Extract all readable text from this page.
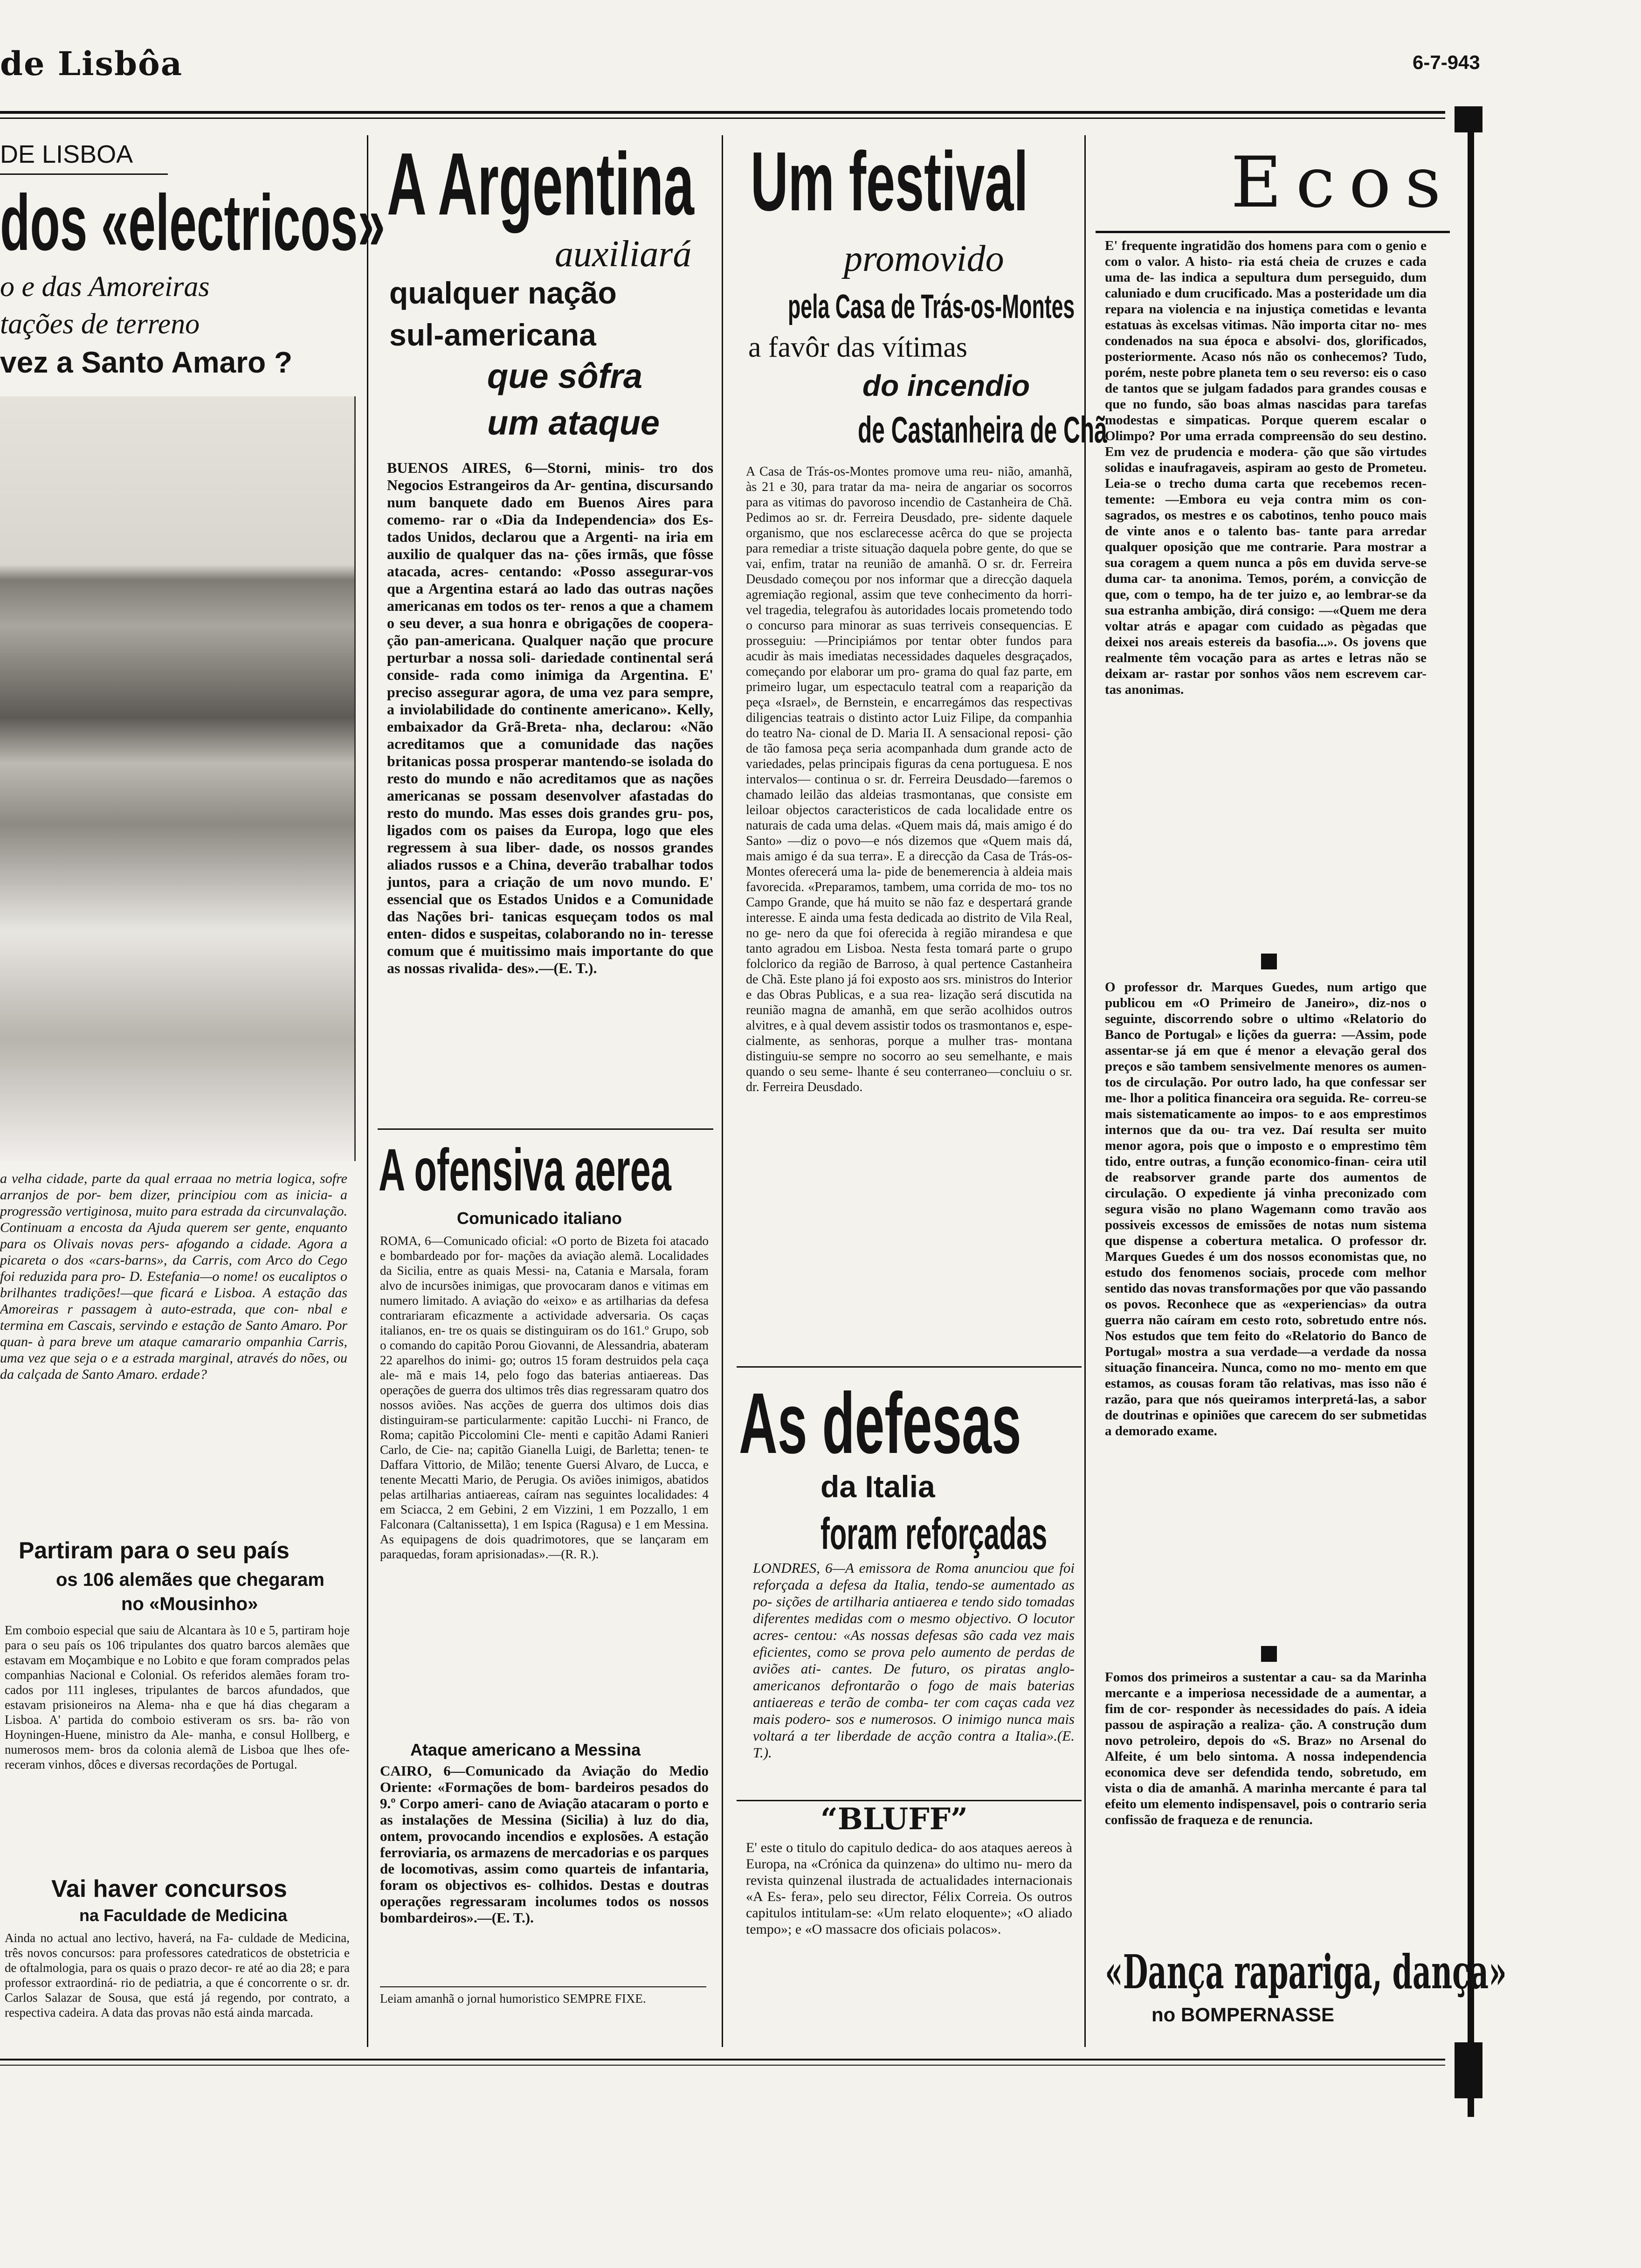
de Lisbôa	6-7-943
DE LISBOA
dos «electricos»
o e das Amoreiras
tações de terreno
vez a Santo Amaro ?
a velha cidade, parte da qual erraaa no metria logica, sofre arranjos de por- bem dizer, principiou com as inicia- a progressão vertiginosa, muito para estrada da circunvalação. Continuam a encosta da Ajuda querem ser gente, enquanto para os Olivais novas pers- afogando a cidade. Agora a picareta o dos «cars-barns», da Carris, com Arco do Cego foi reduzida para pro- D. Estefania—o nome! os eucaliptos o brilhantes tradições!—que ficará e Lisboa. A estação das Amoreiras r passagem à auto-estrada, que con- nbal e termina em Cascais, servindo e estação de Santo Amaro. Por quan- à para breve um ataque camarario ompanhia Carris, uma vez que seja o e a estrada marginal, através do nões, ou da calçada de Santo Amaro. erdade?
Partiram para o seu país
os 106 alemães que chegaram
no «Mousinho»
Em comboio especial que saiu de Alcantara às 10 e 5, partiram hoje para o seu país os 106 tripulantes dos quatro barcos alemães que estavam em Moçambique e no Lobito e que foram comprados pelas companhias Nacional e Colonial. Os referidos alemães foram tro- cados por 111 ingleses, tripulantes de barcos afundados, que estavam prisioneiros na Alema- nha e que há dias chegaram a Lisboa. A' partida do comboio estiveram os srs. ba- rão von Hoyningen-Huene, ministro da Ale- manha, e consul Hollberg, e numerosos mem- bros da colonia alemã de Lisboa que lhes ofe- receram vinhos, dôces e diversas recordações de Portugal.
Vai haver concursos
na Faculdade de Medicina
Ainda no actual ano lectivo, haverá, na Fa- culdade de Medicina, três novos concursos: para professores catedraticos de obstetricia e de oftalmologia, para os quais o prazo decor- re até ao dia 28; e para professor extraordiná- rio de pediatria, a que é concorrente o sr. dr. Carlos Salazar de Sousa, que está já regendo, por contrato, a respectiva cadeira. A data das provas não está ainda marcada.
A Argentina
auxiliará
qualquer nação
sul-americana
que sôfra
um ataque
BUENOS AIRES, 6—Storni, minis- tro dos Negocios Estrangeiros da Ar- gentina, discursando num banquete dado em Buenos Aires para comemo- rar o «Dia da Independencia» dos Es- tados Unidos, declarou que a Argenti- na iria em auxilio de qualquer das na- ções irmãs, que fôsse atacada, acres- centando: «Posso assegurar-vos que a Argentina estará ao lado das outras nações americanas em todos os ter- renos a que a chamem o seu dever, a sua honra e obrigações de coopera- ção pan-americana. Qualquer nação que procure perturbar a nossa soli- dariedade continental será conside- rada como inimiga da Argentina. E' preciso assegurar agora, de uma vez para sempre, a inviolabilidade do continente americano». Kelly, embaixador da Grã-Breta- nha, declarou: «Não acreditamos que a comunidade das nações britanicas possa prosperar mantendo-se isolada do resto do mundo e não acreditamos que as nações americanas se possam desenvolver afastadas do resto do mundo. Mas esses dois grandes gru- pos, ligados com os paises da Europa, logo que eles regressem à sua liber- dade, os nossos grandes aliados russos e a China, deverão trabalhar todos juntos, para a criação de um novo mundo. E' essencial que os Estados Unidos e a Comunidade das Nações bri- tanicas esqueçam todos os mal enten- didos e suspeitas, colaborando no in- teresse comum que é muitissimo mais importante do que as nossas rivalida- des».—(E. T.).
A ofensiva aerea
Comunicado italiano
ROMA, 6—Comunicado oficial: «O porto de Bizeta foi atacado e bombardeado por for- mações da aviação alemã. Localidades da Sicilia, entre as quais Messi- na, Catania e Marsala, foram alvo de incursões inimigas, que provocaram danos e vitimas em numero limitado. A aviação do «eixo» e as artilharias da defesa contrariaram eficazmente a actividade adversaria. Os caças italianos, en- tre os quais se distinguiram os do 161.º Grupo, sob o comando do capitão Porou Giovanni, de Alessandria, abateram 22 aparelhos do inimi- go; outros 15 foram destruidos pela caça ale- mã e mais 14, pelo fogo das baterias antiaereas. Das operações de guerra dos ultimos três dias regressaram quatro dos nossos aviões. Nas acções de guerra dos ultimos dois dias distinguiram-se particularmente: capitão Lucchi- ni Franco, de Roma; capitão Piccolomini Cle- menti e capitão Adami Ranieri Carlo, de Cie- na; capitão Gianella Luigi, de Barletta; tenen- te Daffara Vittorio, de Milão; tenente Guersi Alvaro, de Lucca, e tenente Mecatti Mario, de Perugia. Os aviões inimigos, abatidos pelas artilharias antiaereas, caíram nas seguintes localidades: 4 em Sciacca, 2 em Gebini, 2 em Vizzini, 1 em Pozzallo, 1 em Falconara (Caltanissetta), 1 em Ispica (Ragusa) e 1 em Messina. As equipagens de dois quadrimotores, que se lançaram em paraquedas, foram aprisionadas».—(R. R.).
Ataque americano a Messina
CAIRO, 6—Comunicado da Aviação do Medio Oriente: «Formações de bom- bardeiros pesados do 9.º Corpo ameri- cano de Aviação atacaram o porto e as instalações de Messina (Sicilia) à luz do dia, ontem, provocando incendios e explosões. A estação ferroviaria, os armazens de mercadorias e os parques de locomotivas, assim como quarteis de infantaria, foram os objectivos es- colhidos. Destas e doutras operações regressaram incolumes todos os nossos bombardeiros».—(E. T.).
Leiam amanhã o jornal humoristico SEMPRE FIXE.
Um festival
promovido
pela Casa de Trás-os-Montes
a favôr das vítimas
do incendio
de Castanheira de Chã
A Casa de Trás-os-Montes promove uma reu- nião, amanhã, às 21 e 30, para tratar da ma- neira de angariar os socorros para as vitimas do pavoroso incendio de Castanheira de Chã. Pedimos ao sr. dr. Ferreira Deusdado, pre- sidente daquele organismo, que nos esclarecesse acêrca do que se projecta para remediar a triste situação daquela pobre gente, do que se vai, enfim, tratar na reunião de amanhã. O sr. dr. Ferreira Deusdado começou por nos informar que a direcção daquela agremiação regional, assim que teve conhecimento da horri- vel tragedia, telegrafou às autoridades locais prometendo todo o concurso para minorar as suas terriveis consequencias. E prosseguiu: —Principiámos por tentar obter fundos para acudir às mais imediatas necessidades daqueles desgraçados, começando por elaborar um pro- grama do qual faz parte, em primeiro lugar, um espectaculo teatral com a reaparição da peça «Israel», de Bernstein, e encarregámos das respectivas diligencias teatrais o distinto actor Luiz Filipe, da companhia do teatro Na- cional de D. Maria II. A sensacional reposi- ção de tão famosa peça seria acompanhada dum grande acto de variedades, pelas principais figuras da cena portuguesa. E nos intervalos— continua o sr. dr. Ferreira Deusdado—faremos o chamado leilão das aldeias trasmontanas, que consiste em leiloar objectos caracteristicos de cada localidade entre os naturais de cada uma delas. «Quem mais dá, mais amigo é do Santo» —diz o povo—e nós dizemos que «Quem mais dá, mais amigo é da sua terra». E a direcção da Casa de Trás-os-Montes oferecerá uma la- pide de benemerencia à aldeia mais favorecida. «Preparamos, tambem, uma corrida de mo- tos no Campo Grande, que há muito se não faz e despertará grande interesse. E ainda uma festa dedicada ao distrito de Vila Real, no ge- nero da que foi oferecida à região mirandesa e que tanto agradou em Lisboa. Nesta festa tomará parte o grupo folclorico da região de Barroso, à qual pertence Castanheira de Chã. Este plano já foi exposto aos srs. ministros do Interior e das Obras Publicas, e a sua rea- lização será discutida na reunião magna de amanhã, em que serão acolhidos outros alvitres, e à qual devem assistir todos os trasmontanos e, espe- cialmente, as senhoras, porque a mulher tras- montana distinguiu-se sempre no socorro ao seu semelhante, e mais quando o seu seme- lhante é seu conterraneo—concluiu o sr. dr. Ferreira Deusdado.
As defesas
da Italia
foram reforçadas
LONDRES, 6—A emissora de Roma anunciou que foi reforçada a defesa da Italia, tendo-se aumentado as po- sições de artilharia antiaerea e tendo sido tomadas diferentes medidas com o mesmo objectivo. O locutor acres- centou: «As nossas defesas são cada vez mais eficientes, como se prova pelo aumento de perdas de aviões ati- cantes. De futuro, os piratas anglo- americanos defrontarão o fogo de mais baterias antiaereas e terão de comba- ter com caças cada vez mais podero- sos e numerosos. O inimigo nunca mais voltará a ter liberdade de acção contra a Italia».(E. T.).
“BLUFF”
E' este o titulo do capitulo dedica- do aos ataques aereos à Europa, na «Crónica da quinzena» do ultimo nu- mero da revista quinzenal ilustrada de actualidades internacionais «A Es- fera», pelo seu director, Félix Correia. Os outros capitulos intitulam-se: «Um relato eloquente»; «O aliado tempo»; e «O massacre dos oficiais polacos».
Ecos
E' frequente ingratidão dos homens para com o genio e com o valor. A histo- ria está cheia de cruzes e cada uma de- las indica a sepultura dum perseguido, dum caluniado e dum crucificado. Mas a posteridade um dia repara na violencia e na injustiça cometidas e levanta estatuas às excelsas vitimas. Não importa citar no- mes condenados na sua época e absolvi- dos, glorificados, posteriormente. Acaso nós não os conhecemos? Tudo, porém, neste pobre planeta tem o seu reverso: eis o caso de tantos que se julgam fadados para grandes cousas e que no fundo, são boas almas nascidas para tarefas modestas e simpaticas. Porque querem escalar o Olimpo? Por uma errada compreensão do seu destino. Em vez de prudencia e modera- ção que são virtudes solidas e inaufragaveis, aspiram ao gesto de Prometeu. Leia-se o trecho duma carta que recebemos recen- temente: —Embora eu veja contra mim os con- sagrados, os mestres e os cabotinos, tenho pouco mais de vinte anos e o talento bas- tante para arredar qualquer oposição que me contrarie. Para mostrar a sua coragem a quem nunca a pôs em duvida serve-se duma car- ta anonima. Temos, porém, a convicção de que, com o tempo, ha de ter juizo e, ao lembrar-se da sua estranha ambição, dirá consigo: —«Quem me dera voltar atrás e apagar com cuidado as pègadas que deixei nos areais estereis da basofia...». Os jovens que realmente têm vocação para as artes e letras não se deixam ar- rastar por sonhos vãos nem escrevem car- tas anonimas.
O professor dr. Marques Guedes, num artigo que publicou em «O Primeiro de Janeiro», diz-nos o seguinte, discorrendo sobre o ultimo «Relatorio do Banco de Portugal» e lições da guerra: —Assim, pode assentar-se já em que é menor a elevação geral dos preços e são tambem sensivelmente menores os aumen- tos de circulação. Por outro lado, ha que confessar ser me- lhor a politica financeira ora seguida. Re- correu-se mais sistematicamente ao impos- to e aos emprestimos internos que da ou- tra vez. Daí resulta ser muito menor agora, pois que o imposto e o emprestimo têm tido, entre outras, a função economico-finan- ceira util de reabsorver grande parte dos aumentos de circulação. O expediente já vinha preconizado com segura visão no plano Wagemann como travão aos possiveis excessos de emissões de notas num sistema que dispense a cobertura metalica. O professor dr. Marques Guedes é um dos nossos economistas que, no estudo dos fenomenos sociais, procede com melhor sentido das novas transformações por que vão passando os povos. Reconhece que as «experiencias» da outra guerra não caíram em cesto roto, sobretudo entre nós. Nos estudos que tem feito do «Relatorio do Banco de Portugal» mostra a sua verdade—a verdade da nossa situação financeira. Nunca, como no mo- mento em que estamos, as cousas foram tão relativas, mas isso não é razão, para que nós queiramos interpretá-las, a sabor de doutrinas e opiniões que carecem do ser submetidas a demorado exame.
Fomos dos primeiros a sustentar a cau- sa da Marinha mercante e a imperiosa necessidade de a aumentar, a fim de cor- responder às necessidades do país. A ideia passou de aspiração a realiza- ção. A construção dum novo petroleiro, depois do «S. Braz» no Arsenal do Alfeite, é um belo sintoma. A nossa independencia economica deve ser defendida tendo, sobretudo, em vista o dia de amanhã. A marinha mercante é para tal efeito um elemento indispensavel, pois o contrario seria confissão de fraqueza e de renuncia.
«Dança rapariga, dança»
no BOMPERNASSE
